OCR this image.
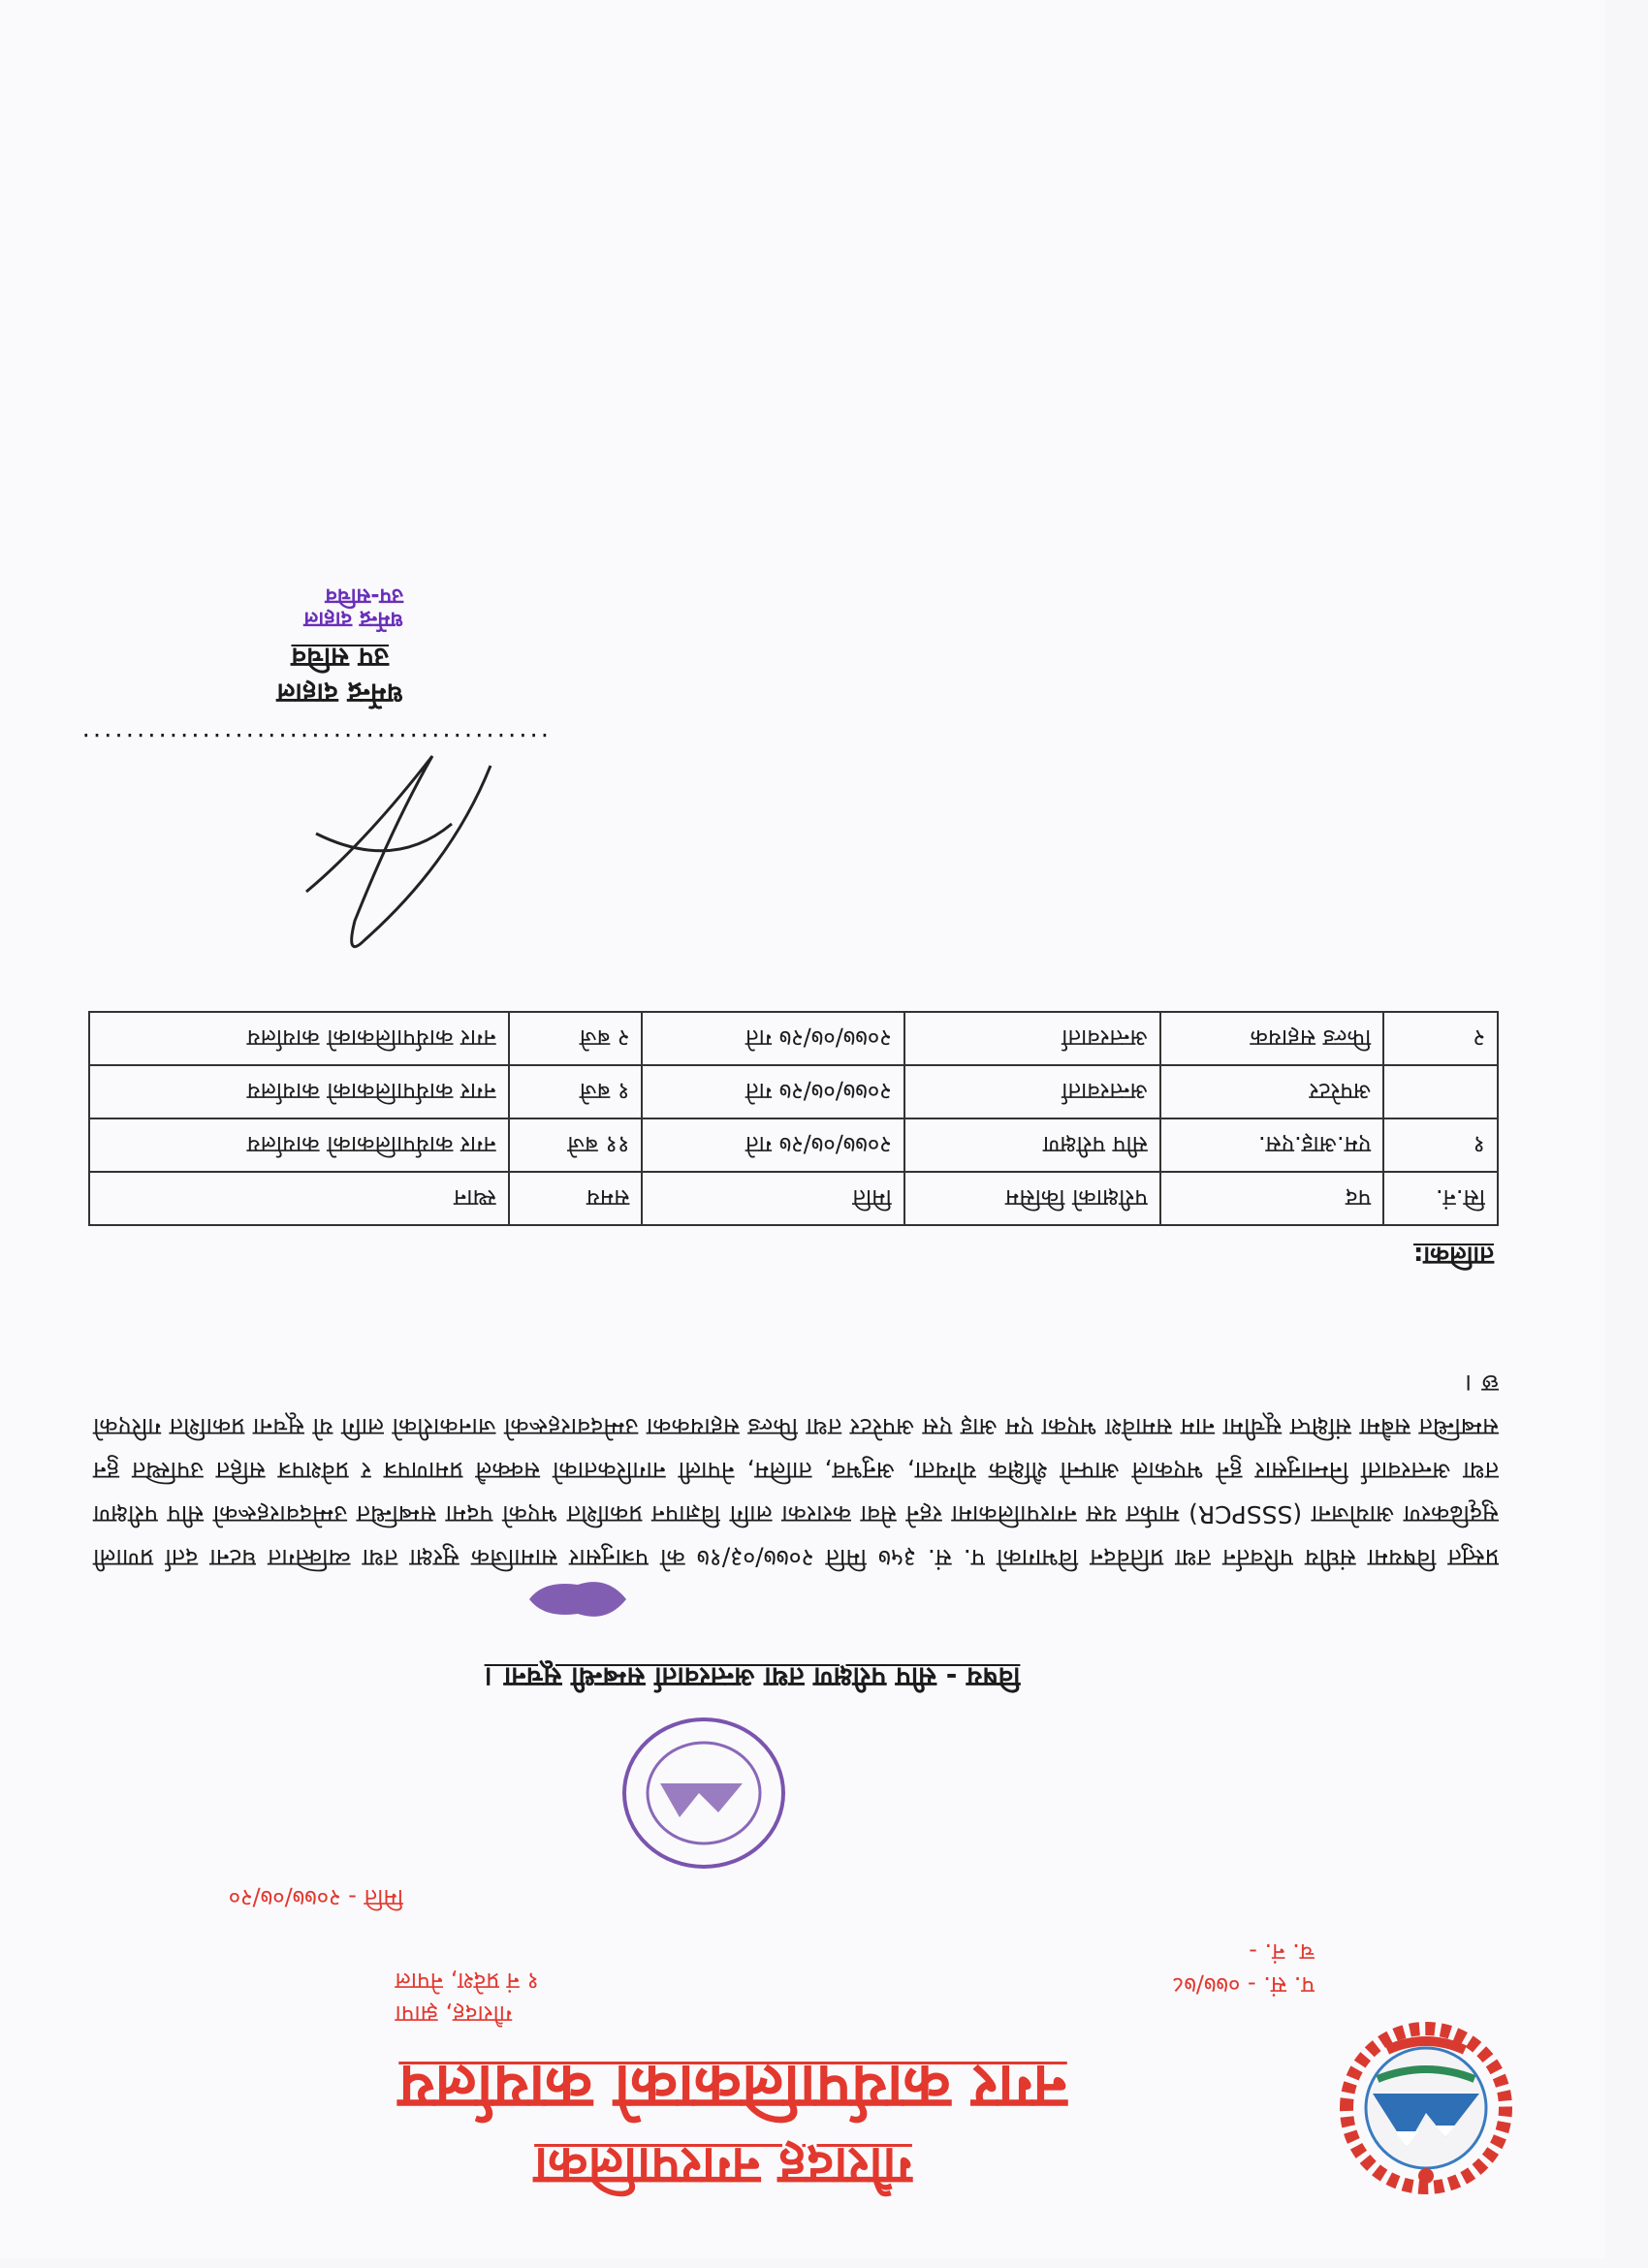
गौरादह नगरपालिका
नगर कार्यपालिकाको कार्यालय
गौरादह, झापा
१ नं प्रदेश, नेपाल	प. सं. - ०७७/७८
च. नं. -
मिति - २०७७/०७/२०
विषय - सीप परीक्षण तथा अन्तरवार्ता सम्बन्धी सूचना ।
प्रस्तुत विषयमा संघीय परिवर्तन तथा प्रतिवेदन विभागको प. सं. ३५७ मिति २०७७/०३/१७ को पत्रानुसार सामाजिक सुरक्षा तथा व्यक्तिगत घटना दर्ता प्रणाली सुदृढिकरण आयोजना (SSSPCR) मार्फत यस नगरपालिकामा रहने सेवा करारका लागि विज्ञापन प्रकाशित भएको पदमा सम्बन्धित उम्मेदवारहरूको सीप परीक्षण तथा अन्तरवार्ता निम्नानुसार हुने भएकाले आफ्नो शैक्षिक योग्यता, अनुभव, तालिम, नेपाली नागरिकताको सक्कलै प्रमाणपत्र र प्रवेशपत्र सहित उपस्थित हुन सम्बन्धित सबैमा संक्षिप्त सूचीमा नाम समावेश भएका एम आइ एस अपरेटर तथा फिल्ड सहायकका उम्मेदवारहरूको जानकारीको लागि यो सूचना प्रकाशित गरिएको छ ।
तालिका:
सि.नं.	पद	परीक्षाको किसिम	मिति	समय	स्थान
१	एम.आइ.एस.	सीप परीक्षण	२०७७/०७/२७ गते	११ बजे	नगर कार्यपालिकाको कार्यालय
	अपरेटर	अन्तरवार्ता	२०७७/०७/२७ गते	१ बजे	नगर कार्यपालिकाको कार्यालय
२	फिल्ड सहायक	अन्तरवार्ता	२०७७/०७/२७ गते	२ बजे	नगर कार्यपालिकाको कार्यालय
...........................................
धर्मेन्द्र दाहाल
उप सचिव
धर्मेन्द्र दाहाल
उप-सचिव
